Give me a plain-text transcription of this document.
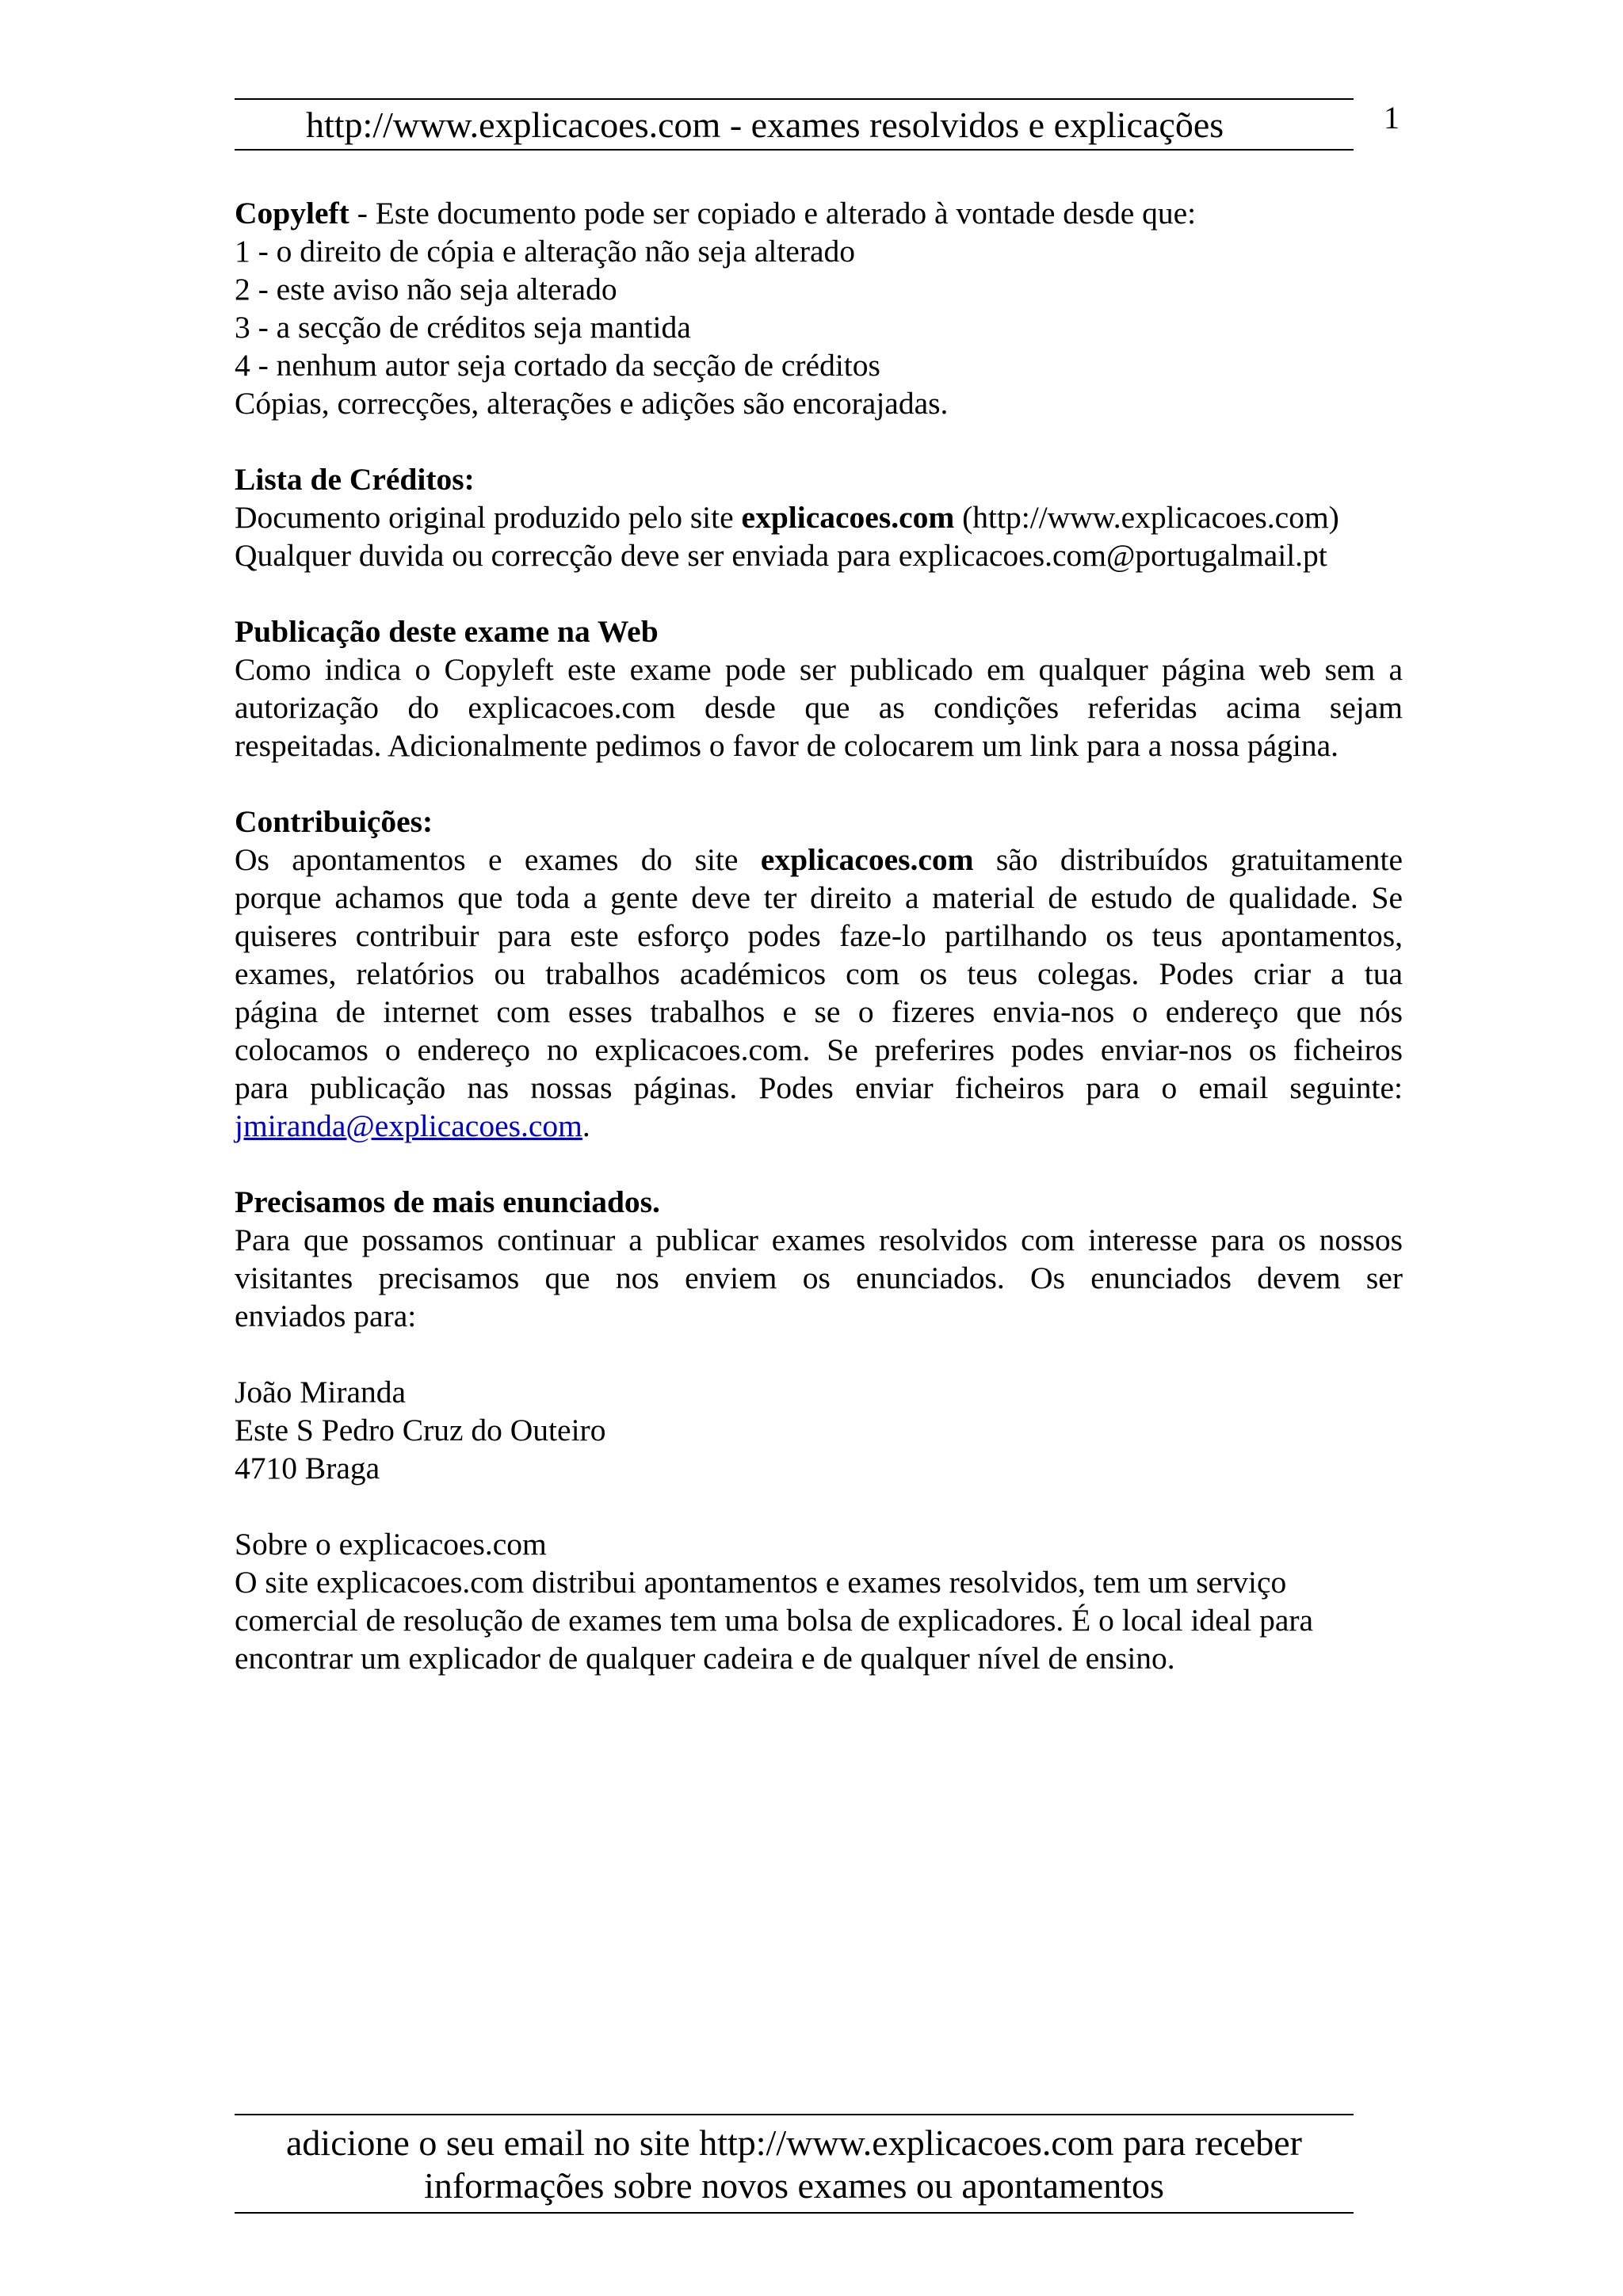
http://www.explicacoes.com - exames resolvidos e explicações	1
Copyleft - Este documento pode ser copiado e alterado à vontade desde que:
1 - o direito de cópia e alteração não seja alterado
2 - este aviso não seja alterado
3 - a secção de créditos seja mantida
4 - nenhum autor seja cortado da secção de créditos
Cópias, correcções, alterações e adições são encorajadas.
Lista de Créditos:
Documento original produzido pelo site explicacoes.com (http://www.explicacoes.com)
Qualquer duvida ou correcção deve ser enviada para explicacoes.com@portugalmail.pt
Publicação deste exame na Web
Como indica o Copyleft este exame pode ser publicado em qualquer página web sem a
autorização do explicacoes.com desde que as condições referidas acima sejam
respeitadas. Adicionalmente pedimos o favor de colocarem um link para a nossa página.
Contribuições:
Os apontamentos e exames do site explicacoes.com são distribuídos gratuitamente
porque achamos que toda a gente deve ter direito a material de estudo de qualidade. Se
quiseres contribuir para este esforço podes faze-lo partilhando os teus apontamentos,
exames, relatórios ou trabalhos académicos com os teus colegas. Podes criar a tua
página de internet com esses trabalhos e se o fizeres envia-nos o endereço que nós
colocamos o endereço no explicacoes.com. Se preferires podes enviar-nos os ficheiros
para publicação nas nossas páginas. Podes enviar ficheiros para o email seguinte:
jmiranda@explicacoes.com.
Precisamos de mais enunciados.
Para que possamos continuar a publicar exames resolvidos com interesse para os nossos
visitantes precisamos que nos enviem os enunciados. Os enunciados devem ser
enviados para:
João Miranda
Este S Pedro Cruz do Outeiro
4710 Braga
Sobre o explicacoes.com
O site explicacoes.com distribui apontamentos e exames resolvidos, tem um serviço
comercial de resolução de exames tem uma bolsa de explicadores. É o local ideal para
encontrar um explicador de qualquer cadeira e de qualquer nível de ensino.
adicione o seu email no site http://www.explicacoes.com para receber
informações sobre novos exames ou apontamentos
